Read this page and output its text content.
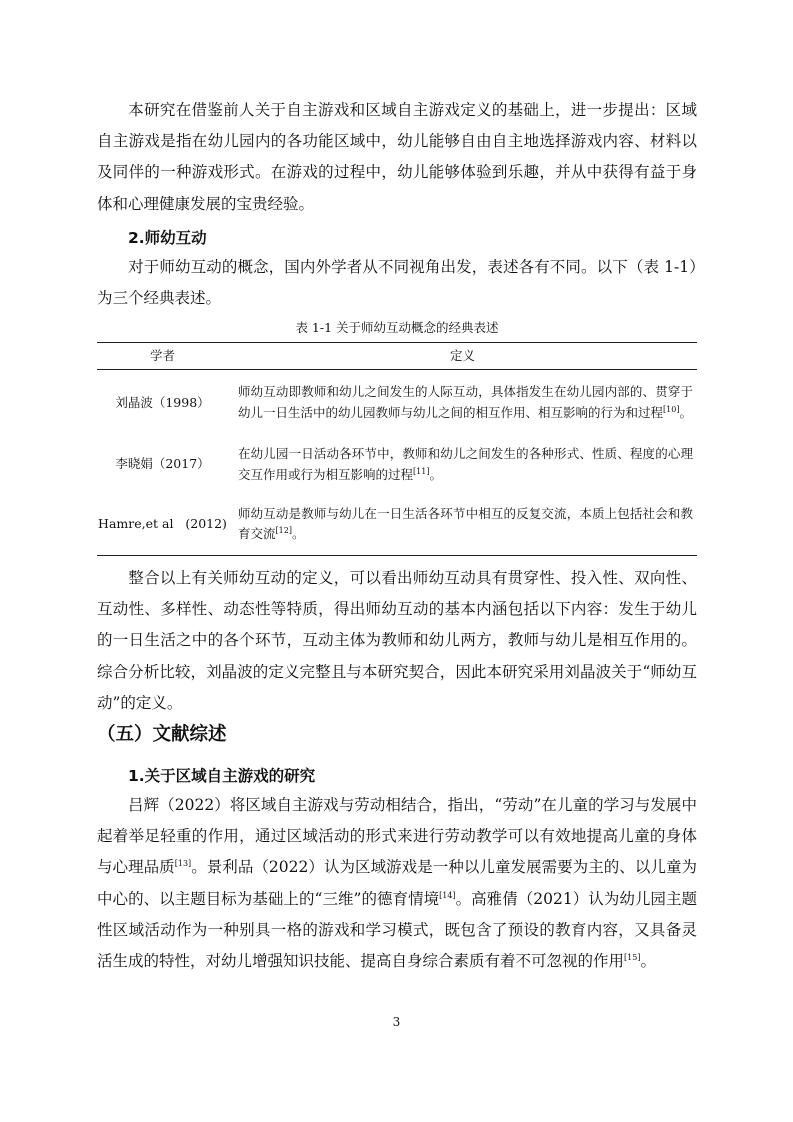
本研究在借鉴前人关于自主游戏和区域自主游戏定义的基础上，进一步提出：区域自主游戏是指在幼儿园内的各功能区域中，幼儿能够自由自主地选择游戏内容、材料以及同伴的一种游戏形式。在游戏的过程中，幼儿能够体验到乐趣，并从中获得有益于身体和心理健康发展的宝贵经验。
2.师幼互动
对于师幼互动的概念，国内外学者从不同视角出发，表述各有不同。以下（表 1-1）为三个经典表述。
表 1-1 关于师幼互动概念的经典表述
学者	定义
刘晶波（1998）	师幼互动即教师和幼儿之间发生的人际互动，具体指发生在幼儿园内部的、贯穿于幼儿一日生活中的幼儿园教师与幼儿之间的相互作用、相互影响的行为和过程[10]。
李晓娟（2017）	在幼儿园一日活动各环节中，教师和幼儿之间发生的各种形式、性质、程度的心理交互作用或行为相互影响的过程[11]。
Hamre,et al   (2012)	师幼互动是教师与幼儿在一日生活各环节中相互的反复交流，本质上包括社会和教育交流[12]。
整合以上有关师幼互动的定义，可以看出师幼互动具有贯穿性、投入性、双向性、互动性、多样性、动态性等特质，得出师幼互动的基本内涵包括以下内容：发生于幼儿的一日生活之中的各个环节，互动主体为教师和幼儿两方，教师与幼儿是相互作用的。综合分析比较，刘晶波的定义完整且与本研究契合，因此本研究采用刘晶波关于“师幼互动”的定义。
（五）文献综述
1.关于区域自主游戏的研究
吕辉（2022）将区域自主游戏与劳动相结合，指出，“劳动”在儿童的学习与发展中起着举足轻重的作用，通过区域活动的形式来进行劳动教学可以有效地提高儿童的身体与心理品质[13]。景利品（2022）认为区域游戏是一种以儿童发展需要为主的、以儿童为中心的、以主题目标为基础上的“三维”的德育情境[14]。高雅倩（2021）认为幼儿园主题性区域活动作为一种别具一格的游戏和学习模式，既包含了预设的教育内容，又具备灵活生成的特性，对幼儿增强知识技能、提高自身综合素质有着不可忽视的作用[15]。
3
